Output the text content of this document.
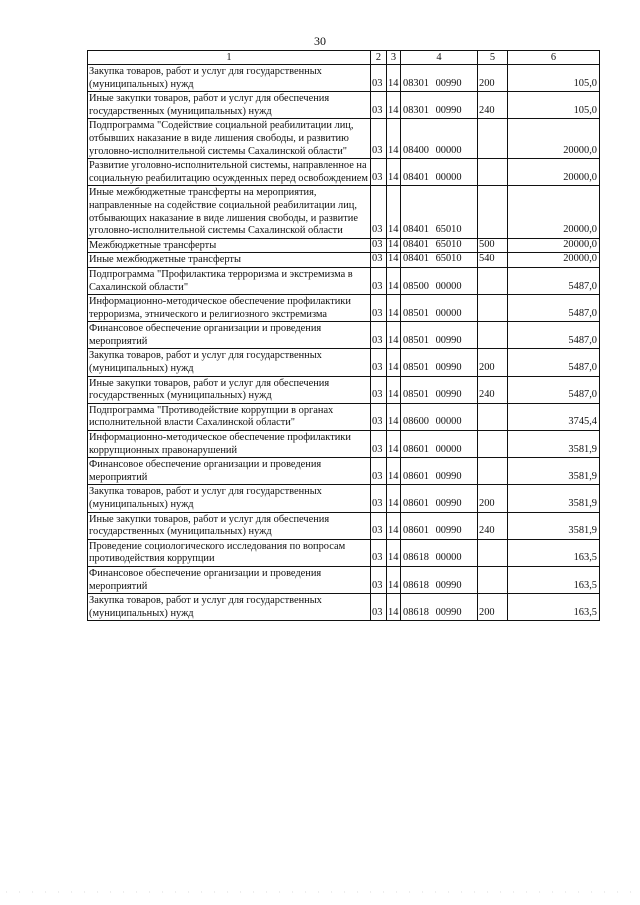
30
1	2	3	4	5	6
Закупка товаров, работ и услуг для государственных (муниципальных) нужд	03	14	08301 00990	200	105,0
Иные закупки товаров, работ и услуг для обеспечения государственных (муниципальных) нужд	03	14	08301 00990	240	105,0
Подпрограмма "Содействие социальной реабилитации лиц, отбывших наказание в виде лишения свободы, и развитию уголовно-исполнительной системы Сахалинской области"	03	14	08400 00000		20000,0
Развитие уголовно-исполнительной системы, направленное на социальную реабилитацию осужденных перед освобождением	03	14	08401 00000		20000,0
Иные межбюджетные трансферты на мероприятия, направленные на содействие социальной реабилитации лиц, отбывающих наказание в виде лишения свободы, и развитие уголовно-исполнительной системы Сахалинской области	03	14	08401 65010		20000,0
Межбюджетные трансферты	03	14	08401 65010	500	20000,0
Иные межбюджетные трансферты	03	14	08401 65010	540	20000,0
Подпрограмма "Профилактика терроризма и экстремизма в Сахалинской области"	03	14	08500 00000		5487,0
Информационно-методическое обеспечение профилактики терроризма, этнического и религиозного экстремизма	03	14	08501 00000		5487,0
Финансовое обеспечение организации и проведения мероприятий	03	14	08501 00990		5487,0
Закупка товаров, работ и услуг для государственных (муниципальных) нужд	03	14	08501 00990	200	5487,0
Иные закупки товаров, работ и услуг для обеспечения государственных (муниципальных) нужд	03	14	08501 00990	240	5487,0
Подпрограмма "Противодействие коррупции в органах исполнительной власти Сахалинской области"	03	14	08600 00000		3745,4
Информационно-методическое обеспечение профилактики коррупционных правонарушений	03	14	08601 00000		3581,9
Финансовое обеспечение организации и проведения мероприятий	03	14	08601 00990		3581,9
Закупка товаров, работ и услуг для государственных (муниципальных) нужд	03	14	08601 00990	200	3581,9
Иные закупки товаров, работ и услуг для обеспечения государственных (муниципальных) нужд	03	14	08601 00990	240	3581,9
Проведение социологического исследования по вопросам противодействия коррупции	03	14	08618 00000		163,5
Финансовое обеспечение организации и проведения мероприятий	03	14	08618 00990		163,5
Закупка товаров, работ и услуг для государственных (муниципальных) нужд	03	14	08618 00990	200	163,5
